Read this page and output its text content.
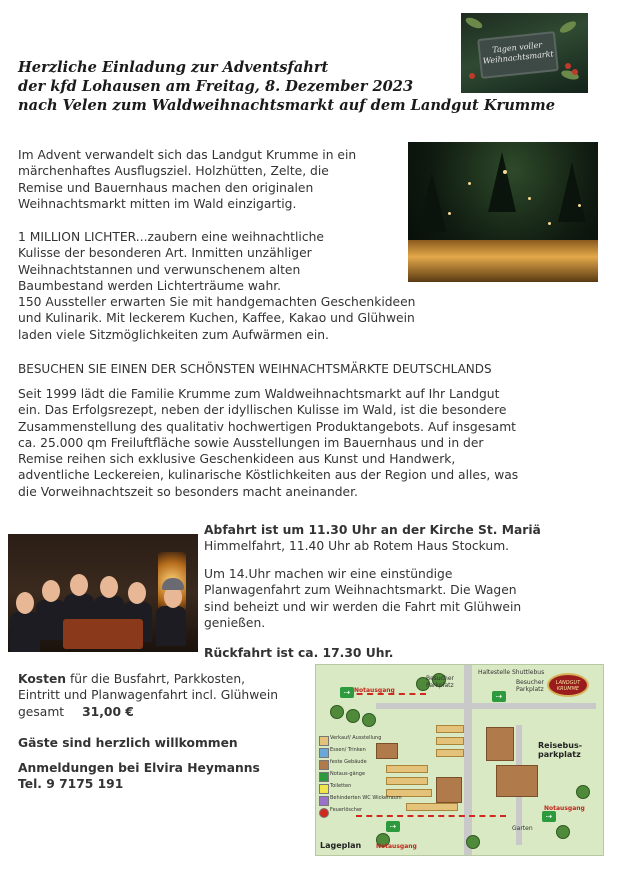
Herzliche Einladung zur Adventsfahrt
der kfd Lohausen am Freitag, 8. Dezember 2023
nach Velen zum Waldweihnachtsmarkt auf dem Landgut Krumme
Tagen voller Weihnachtsmarkt
Im Advent verwandelt sich das Landgut Krumme in ein
märchenhaftes Ausflugsziel. Holzhütten, Zelte, die
Remise und Bauernhaus machen den originalen
Weihnachtsmarkt mitten im Wald einzigartig.
1 MILLION LICHTER...zaubern eine weihnachtliche
Kulisse der besonderen Art. Inmitten unzähliger
Weihnachtstannen und verwunschenem alten
Baumbestand werden Lichterträume wahr.
150 Aussteller erwarten Sie mit handgemachten Geschenkideen
und Kulinarik. Mit leckerem Kuchen, Kaffee, Kakao und Glühwein
laden viele Sitzmöglichkeiten zum Aufwärmen ein.
BESUCHEN SIE EINEN DER SCHÖNSTEN WEIHNACHTSMÄRKTE DEUTSCHLANDS
Seit 1999 lädt die Familie Krumme zum Waldweihnachtsmarkt auf Ihr Landgut
ein. Das Erfolgsrezept, neben der idyllischen Kulisse im Wald, ist die besondere
Zusammenstellung des qualitativ hochwertigen Produktangebots. Auf insgesamt
ca. 25.000 qm Freiluftfläche sowie Ausstellungen im Bauernhaus und in der
Remise reihen sich exklusive Geschenkideen aus Kunst und Handwerk,
adventliche Leckereien, kulinarische Köstlichkeiten aus der Region und alles, was
die Vorweihnachtszeit so besonders macht aneinander.
Abfahrt ist um 11.30 Uhr an der Kirche St. Mariä
Himmelfahrt, 11.40 Uhr ab Rotem Haus Stockum.
Um 14.Uhr machen wir eine einstündige
Planwagenfahrt zum Weihnachtsmarkt. Die Wagen
sind beheizt und wir werden die Fahrt mit Glühwein
genießen.
Rückfahrt ist ca. 17.30 Uhr.
Kosten für die Busfahrt, Parkkosten,
Eintritt und Planwagenfahrt incl. Glühwein
gesamt 31,00 €
Gäste sind herzlich willkommen
Anmeldungen bei Elvira Heymanns
Tel. 9 7175 191
⇢	⇢
⇢
⇢
Notausgang
Notausgang
Notausgang
Haltestelle Shuttlebus
Besucher
Parkplatz	Besucher
Parkplatz
Reisebus-
parkplatz
Garten
Lageplan
LANDGUT KRUMME
Verkauf/ Ausstellung
Essen/ Trinken
feste Gebäude
Notaus-gänge
Toiletten
Behinderten WC Wickelraum
Feuerlöscher
